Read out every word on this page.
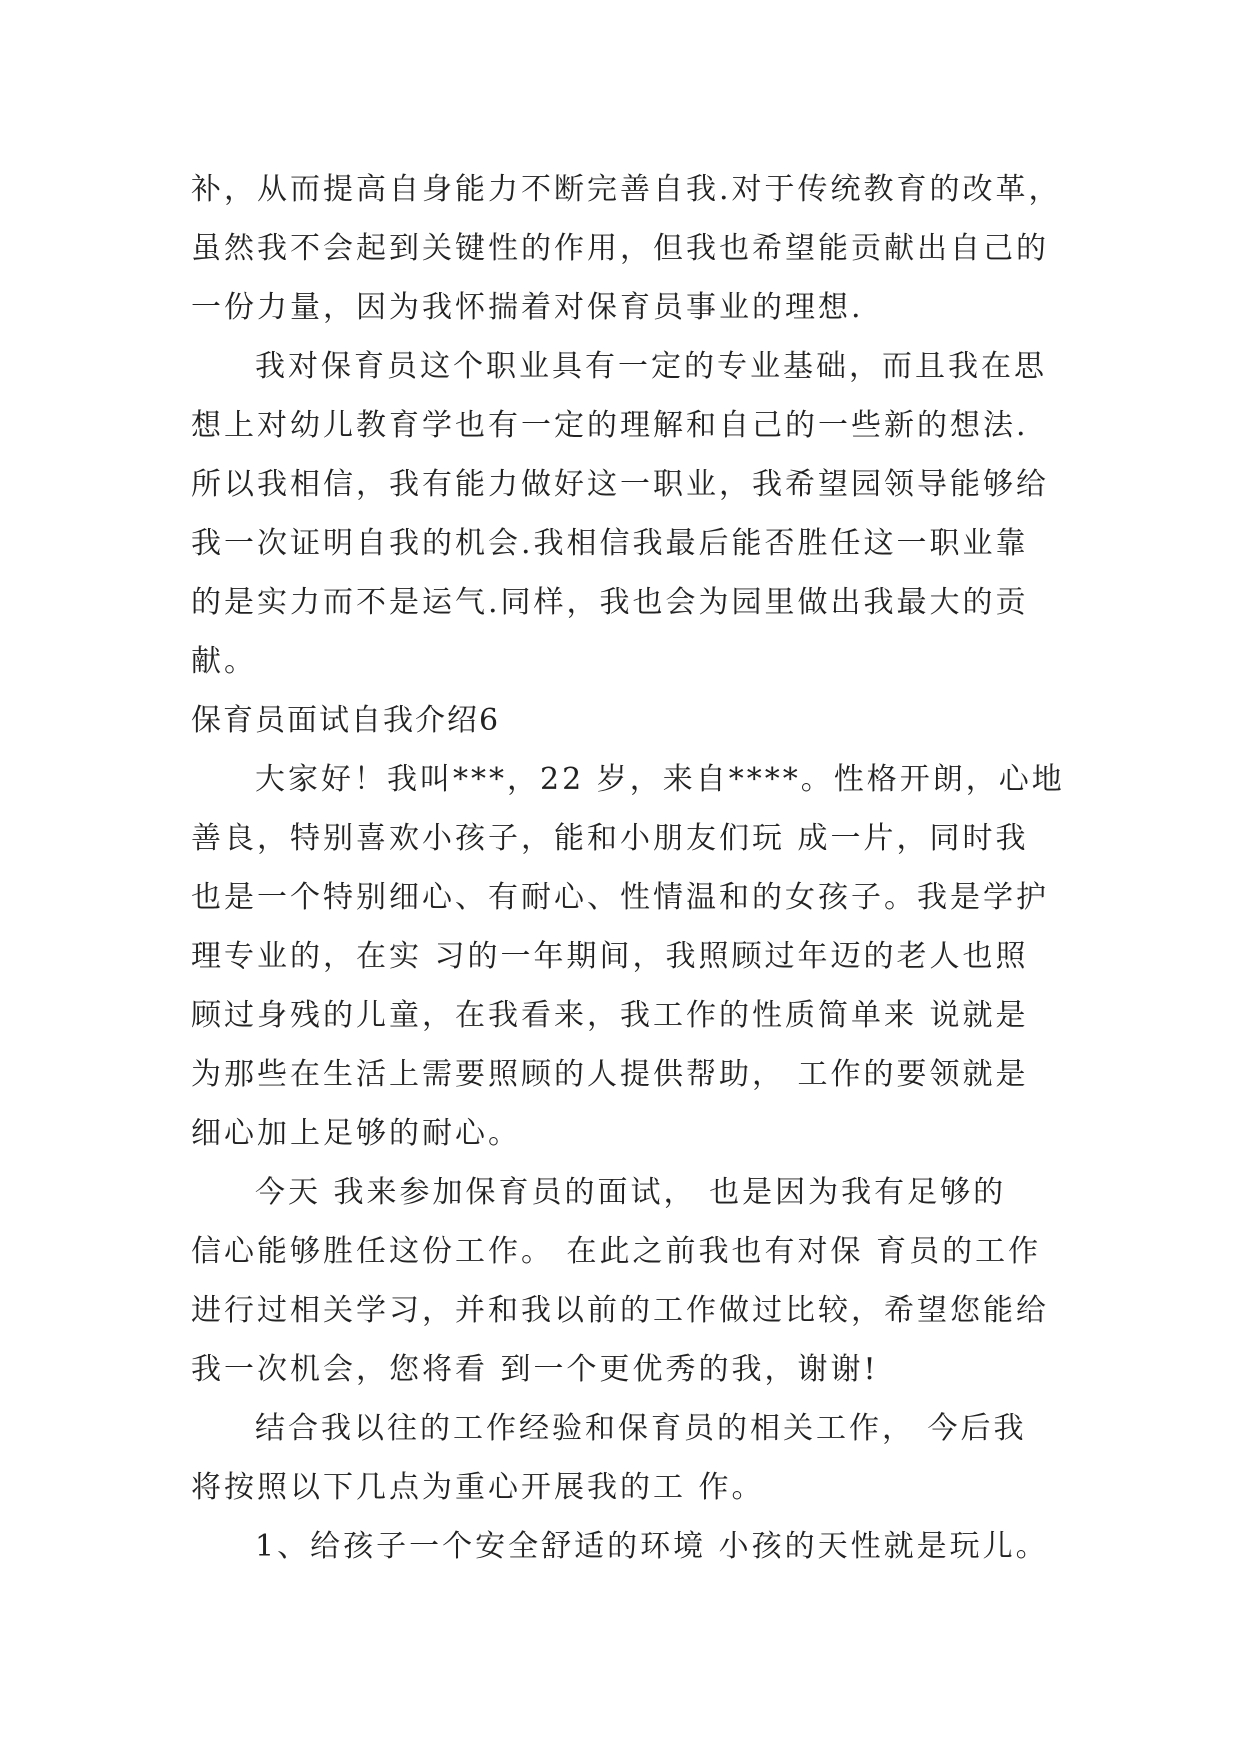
补，从而提高自身能力不断完善自我.对于传统教育的改革，
虽然我不会起到关键性的作用，但我也希望能贡献出自己的
一份力量，因为我怀揣着对保育员事业的理想.
我对保育员这个职业具有一定的专业基础，而且我在思
想上对幼儿教育学也有一定的理解和自己的一些新的想法.
所以我相信，我有能力做好这一职业，我希望园领导能够给
我一次证明自我的机会.我相信我最后能否胜任这一职业靠
的是实力而不是运气.同样，我也会为园里做出我最大的贡
献。
保育员面试自我介绍6
大家好！我叫***，22 岁，来自****。性格开朗，心地
善良，特别喜欢小孩子，能和小朋友们玩 成一片，同时我
也是一个特别细心、有耐心、性情温和的女孩子。我是学护
理专业的，在实 习的一年期间，我照顾过年迈的老人也照
顾过身残的儿童，在我看来，我工作的性质简单来 说就是
为那些在生活上需要照顾的人提供帮助， 工作的要领就是
细心加上足够的耐心。
今天 我来参加保育员的面试， 也是因为我有足够的
信心能够胜任这份工作。 在此之前我也有对保 育员的工作
进行过相关学习，并和我以前的工作做过比较，希望您能给
我一次机会，您将看 到一个更优秀的我，谢谢!
结合我以往的工作经验和保育员的相关工作， 今后我
将按照以下几点为重心开展我的工 作。
1、给孩子一个安全舒适的环境 小孩的天性就是玩儿。
